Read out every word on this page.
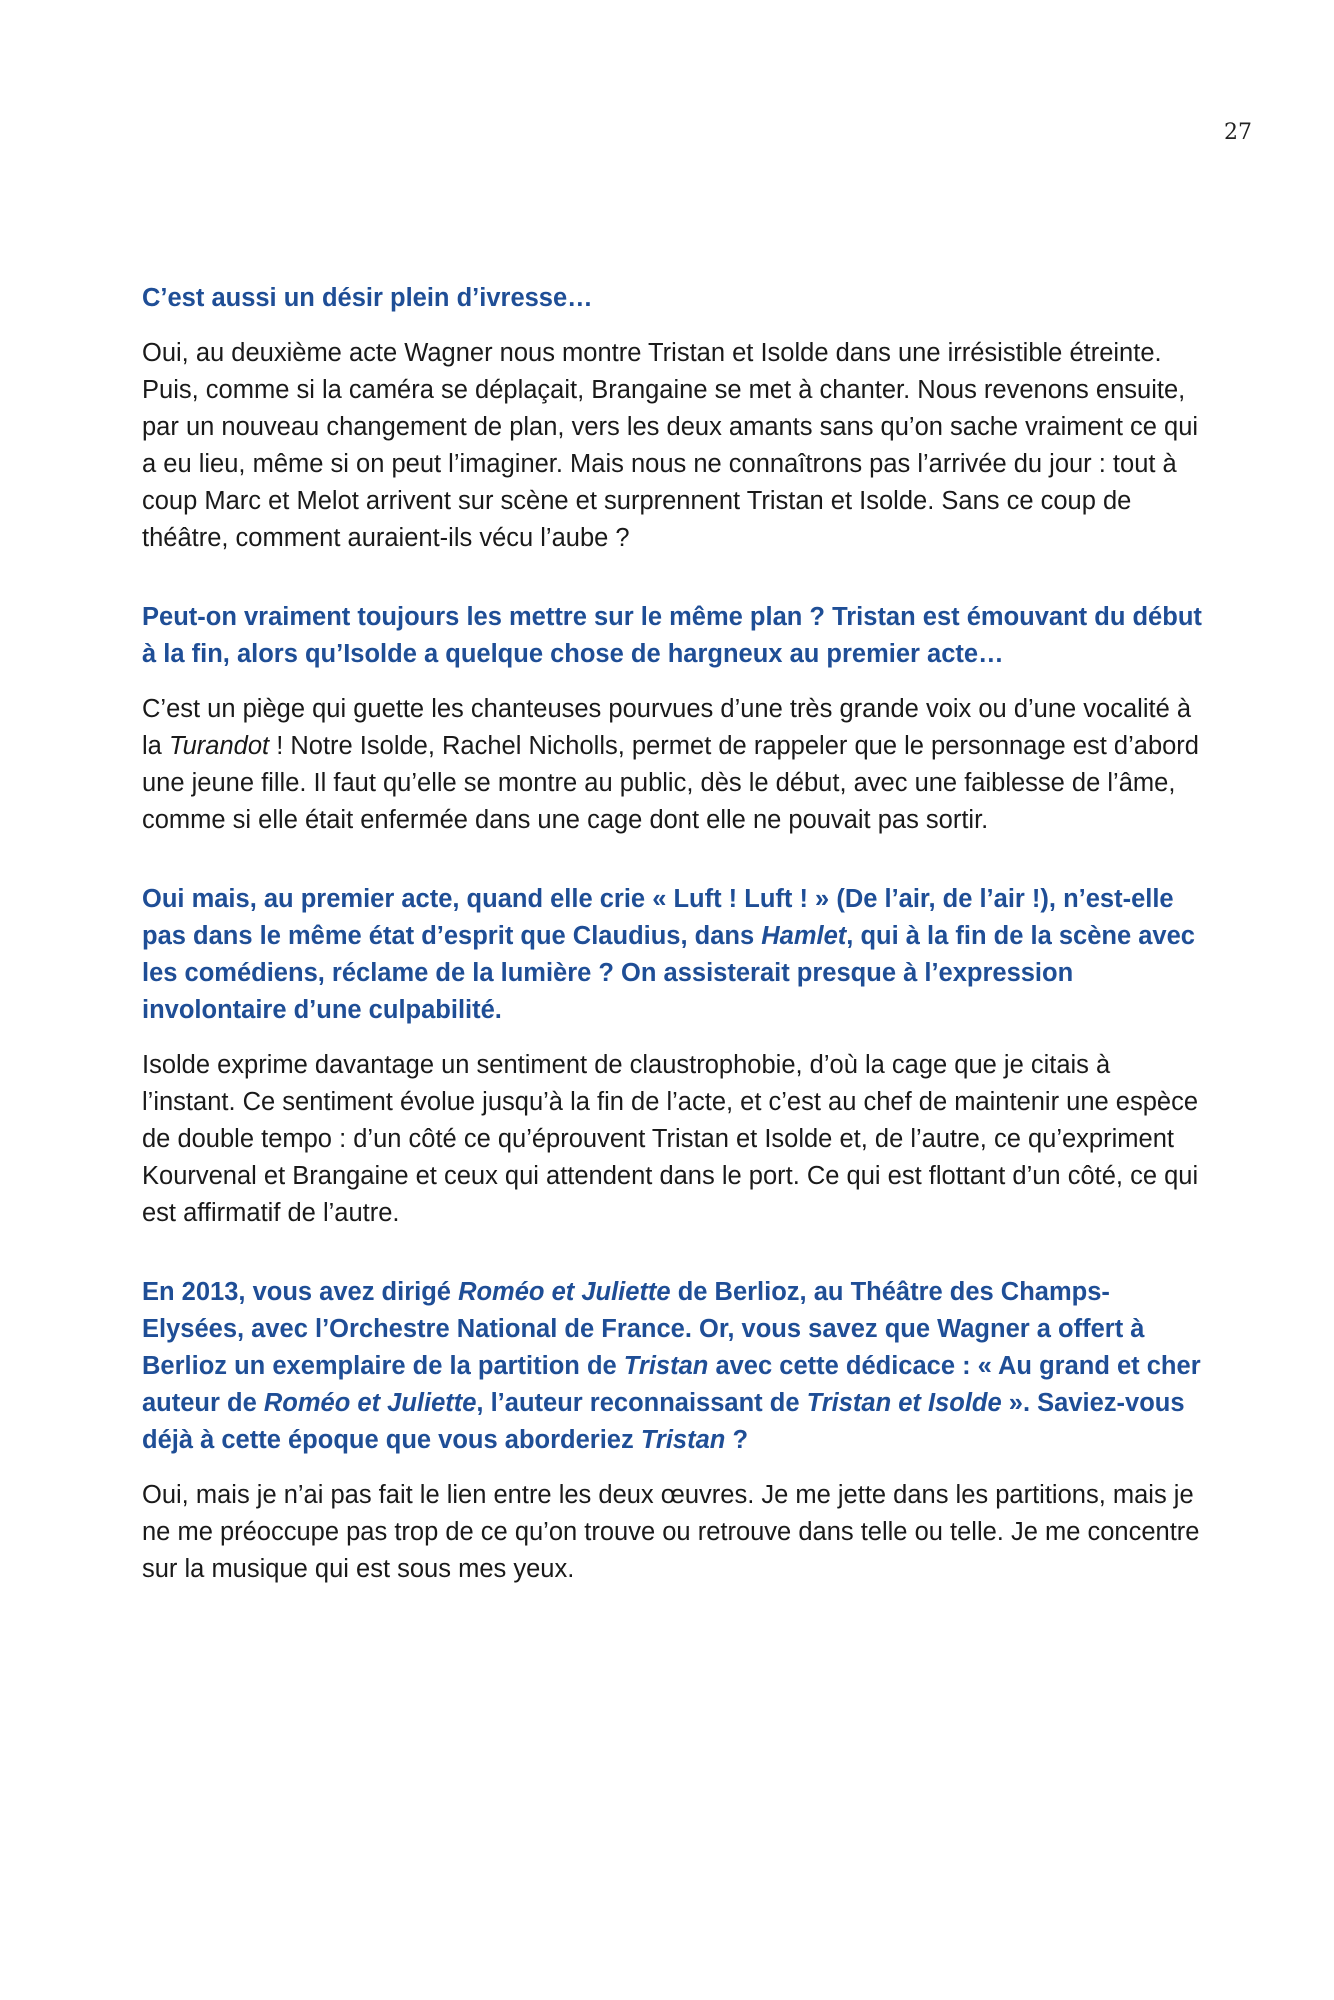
27

C’est aussi un désir plein d’ivresse…

Oui, au deuxième acte Wagner nous montre Tristan et Isolde dans une irrésistible étreinte. Puis, comme si la caméra se déplaçait, Brangaine se met à chanter. Nous revenons ensuite, par un nouveau changement de plan, vers les deux amants sans qu’on sache vraiment ce qui a eu lieu, même si on peut l’imaginer. Mais nous ne connaîtrons pas l’arrivée du jour : tout à coup Marc et Melot arrivent sur scène et surprennent Tristan et Isolde. Sans ce coup de théâtre, comment auraient-ils vécu l’aube ?

Peut-on vraiment toujours les mettre sur le même plan ? Tristan est émouvant du début à la fin, alors qu’Isolde a quelque chose de hargneux au premier acte…

C’est un piège qui guette les chanteuses pourvues d’une très grande voix ou d’une vocalité à la Turandot ! Notre Isolde, Rachel Nicholls, permet de rappeler que le personnage est d’abord une jeune fille. Il faut qu’elle se montre au public, dès le début, avec une faiblesse de l’âme, comme si elle était enfermée dans une cage dont elle ne pouvait pas sortir.

Oui mais, au premier acte, quand elle crie « Luft ! Luft ! » (De l’air, de l’air !), n’est-elle pas dans le même état d’esprit que Claudius, dans Hamlet, qui à la fin de la scène avec les comédiens, réclame de la lumière ? On assisterait presque à l’expression involontaire d’une culpabilité.

Isolde exprime davantage un sentiment de claustrophobie, d’où la cage que je citais à l’instant. Ce sentiment évolue jusqu’à la fin de l’acte, et c’est au chef de maintenir une espèce de double tempo : d’un côté ce qu’éprouvent Tristan et Isolde et, de l’autre, ce qu’expriment Kourvenal et Brangaine et ceux qui attendent dans le port. Ce qui est flottant d’un côté, ce qui est affirmatif de l’autre.

En 2013, vous avez dirigé Roméo et Juliette de Berlioz, au Théâtre des Champs-Elysées, avec l’Orchestre National de France. Or, vous savez que Wagner a offert à Berlioz un exemplaire de la partition de Tristan avec cette dédicace : « Au grand et cher auteur de Roméo et Juliette, l’auteur reconnaissant de Tristan et Isolde ». Saviez-vous déjà à cette époque que vous aborderiez Tristan ?

Oui, mais je n’ai pas fait le lien entre les deux œuvres. Je me jette dans les partitions, mais je ne me préoccupe pas trop de ce qu’on trouve ou retrouve dans telle ou telle. Je me concentre sur la musique qui est sous mes yeux.
